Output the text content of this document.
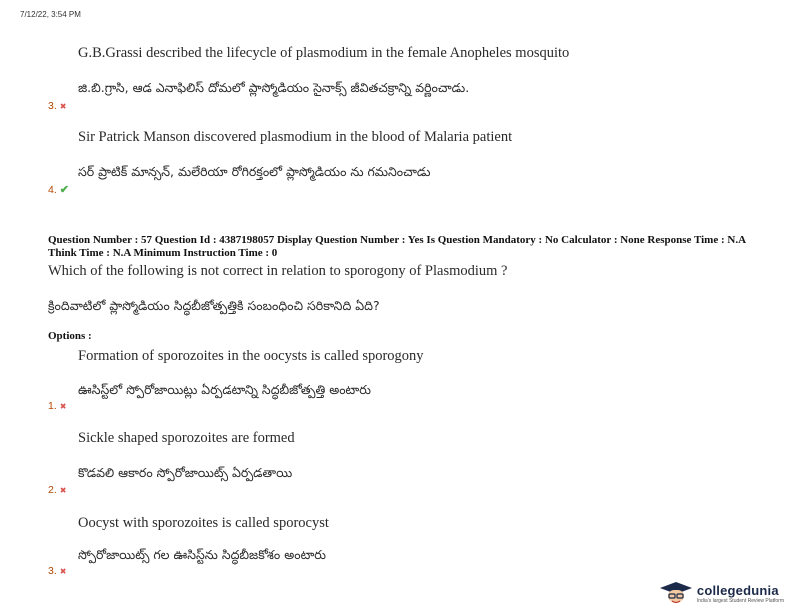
7/12/22, 3:54 PM
G.B.Grassi described the lifecycle of plasmodium in the female Anopheles mosquito
జి.బి.గ్రాసి, ఆడ ఎనాఫిలిస్ దోమలో ప్లాస్మోడియం సైనాక్స్ జీవితచక్రాన్ని వర్ణించాడు.
3. ✖
Sir Patrick Manson discovered plasmodium in the blood of Malaria patient
సర్ ప్రాటిక్ మాన్సన్, మలేరియా రోగిరక్తంలో ప్లాస్మోడియం ను గమనించాడు
4. ✔
Question Number : 57 Question Id : 4387198057 Display Question Number : Yes Is Question Mandatory : No Calculator : None Response Time : N.A Think Time : N.A Minimum Instruction Time : 0
Which of the following is not correct in relation to sporogony of Plasmodium ?
క్రిందివాటిలో ప్లాస్మోడియం సిద్ధబీజోత్పత్తికి సంబంధించి సరికానిది ఏది?
Options :
Formation of sporozoites in the oocysts is called sporogony
ఊసిస్ట్‌లో స్పోరోజాయిట్లు ఏర్పడటాన్ని సిద్ధబీజోత్పత్తి అంటారు
1. ✖
Sickle shaped sporozoites are formed
కొడవలి ఆకారం స్పోరోజాయిట్స్ ఏర్పడతాయి
2. ✖
Oocyst with sporozoites is called sporocyst
స్పోరోజాయిట్స్ గల ఊసిస్ట్‌ను సిద్ధబీజకోశం అంటారు
3. ✖
collegedunia
India's largest Student Review Platform
